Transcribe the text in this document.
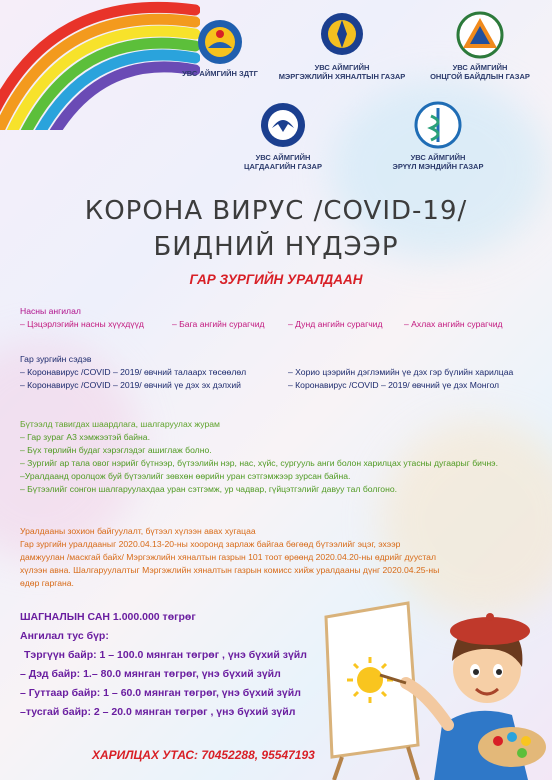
УВС АЙМГИЙН ЗДТГ
УВС АЙМГИЙН
МЭРГЭЖЛИЙН ХЯНАЛТЫН ГАЗАР
УВС АЙМГИЙН
ОНЦГОЙ БАЙДЛЫН ГАЗАР
УВС АЙМГИЙН
ЦАГДААГИЙН ГАЗАР
УВС АЙМГИЙН
ЭРҮҮЛ МЭНДИЙН ГАЗАР
КОРОНА ВИРУС /COVID-19/
БИДНИЙ НҮДЭЭР
ГАР ЗУРГИЙН УРАЛДААН
Насны ангилал
– Цэцэрлэгийн насны хүүхдүүд	– Бага ангийн сурагчид	– Дунд ангийн сурагчид	– Ахлах ангийн сурагчид
Гар зургийн сэдэв
– Коронавирус /COVID – 2019/ өвчний талаарх төсөөлөл	– Хорио цээрийн дэглэмийн үе дэх гэр бүлийн харилцаа
– Коронавирус /COVID – 2019/ өвчний үе дэх эх дэлхий	– Коронавирус /COVID – 2019/ өвчний үе дэх Монгол
Бүтээлд тавигдах шаардлага, шалгаруулах журам
– Гар зураг А3 хэмжээтэй байна.
– Бүх төрлийн будаг хэрэглэдэг ашиглаж болно.
– Зургийг ар тала овог нэрийг бүтнээр, бүтээлийн нэр, нас, хүйс, сургууль анги болон харилцах утасны дугаарыг бичнэ.
–Уралдаанд оролцож буй бүтээлийг зөвхөн өөрийн уран сэтгэмжээр зурсан байна.
– Бүтээлийг сонгон шалгаруулахдаа уран сэтгэмж, ур чадвар, гүйцэтгэлийг давуу тал болгоно.
Уралдааны зохион байгуулалт, бүтээл хүлээн авах хугацаа
Гар зургийн уралдааныг 2020.04.13-20-ны хооронд зарлаж байгаа бөгөөд бүтээлийг эцэг, эхээр
дамжуулан /маскгай байх/ Мэргэжлийн хяналтын газрын 101 тоот өрөөнд 2020.04.20-ны өдрийг дуустал
хүлээн авна. Шалгаруулалтыг Мэргэжлийн хяналтын газрын комисс хийж уралдааны дүнг 2020.04.25-ны
өдөр гаргана.
ШАГНАЛЫН САН 1.000.000 төгрөг
Ангилал тус бүр:
Тэргүүн байр: 1 – 100.0 мянган төгрөг , үнэ бүхий зүйл
– Дэд байр: 1.– 80.0 мянган төгрөг, үнэ бүхий зүйл
– Гуттаар байр: 1 – 60.0 мянган төгрөг, үнэ бүхий зүйл
–тусгай байр: 2 – 20.0 мянган төгрөг , үнэ бүхий зүйл
ХАРИЛЦАХ УТАС: 70452288, 95547193
